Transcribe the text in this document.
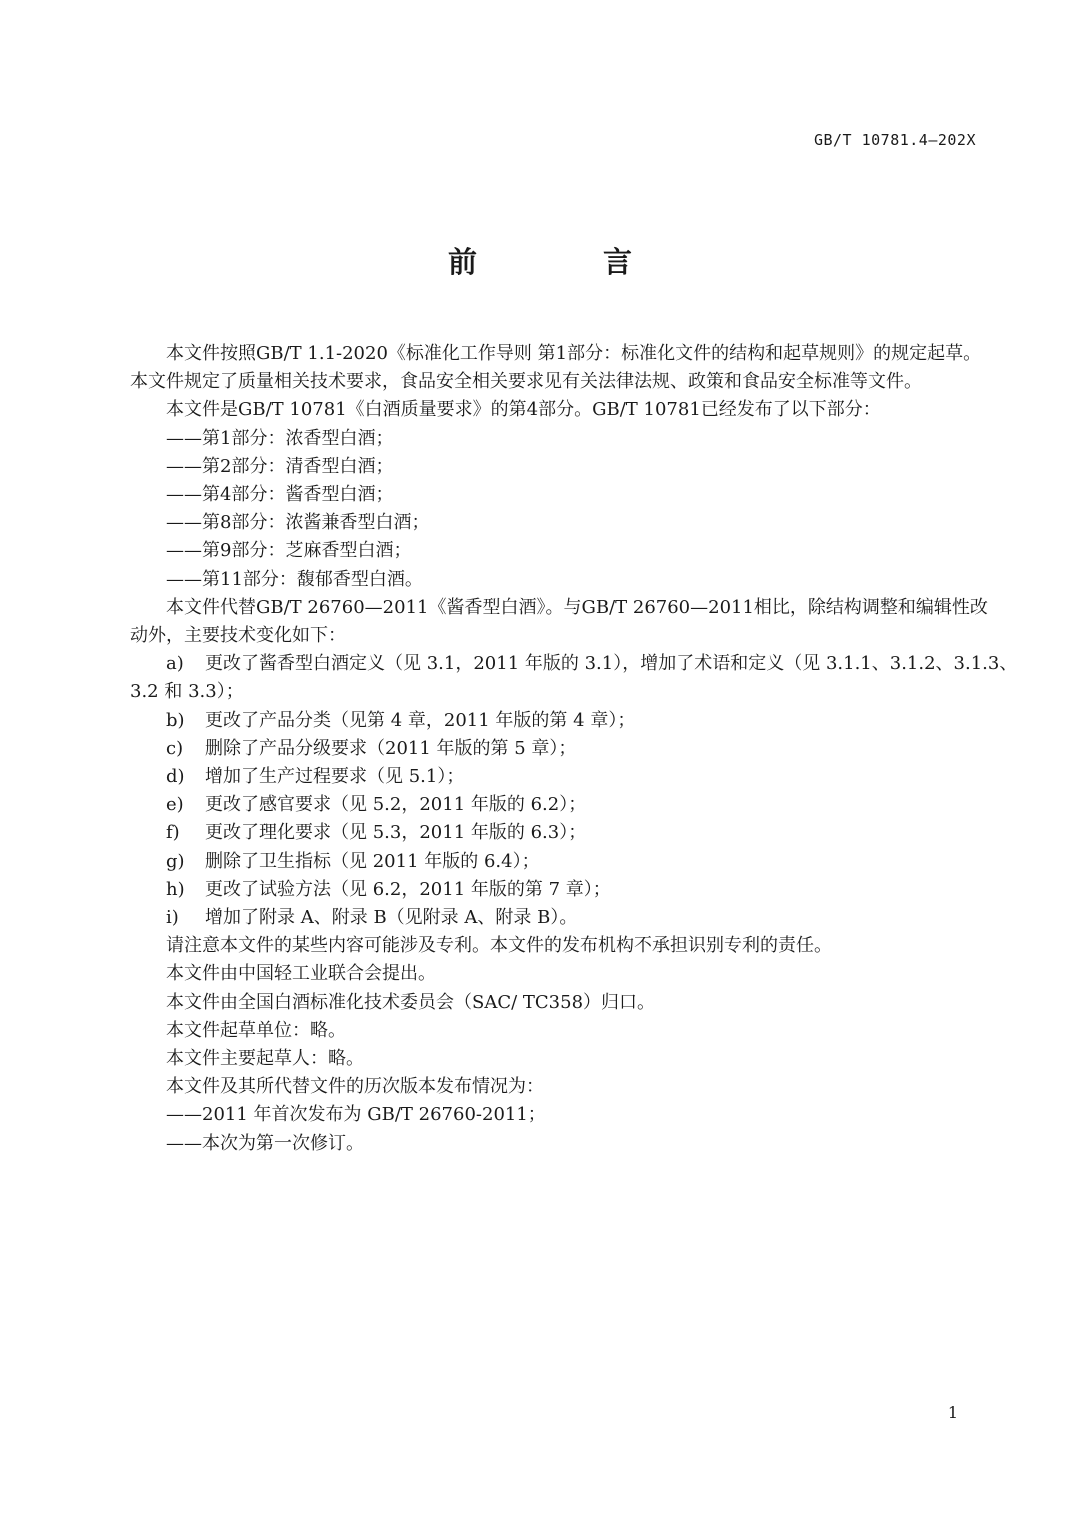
GB/T 10781.4—202X
前 言

本文件按照GB/T 1.1-2020《标准化工作导则 第1部分：标准化文件的结构和起草规则》的规定起草。

本文件规定了质量相关技术要求，食品安全相关要求见有关法律法规、政策和食品安全标准等文件。

本文件是GB/T 10781《白酒质量要求》的第4部分。GB/T 10781已经发布了以下部分：

——第1部分：浓香型白酒；

——第2部分：清香型白酒；

——第4部分：酱香型白酒；

——第8部分：浓酱兼香型白酒；

——第9部分：芝麻香型白酒；

——第11部分：馥郁香型白酒。

本文件代替GB/T 26760—2011《酱香型白酒》。与GB/T 26760—2011相比，除结构调整和编辑性改

动外，主要技术变化如下：

a) 更改了酱香型白酒定义（见 3.1，2011 年版的 3.1），增加了术语和定义（见 3.1.1、3.1.2、3.1.3、

3.2 和 3.3）；

b) 更改了产品分类（见第 4 章，2011 年版的第 4 章）；
c) 删除了产品分级要求（2011 年版的第 5 章）；
d) 增加了生产过程要求（见 5.1）；
e) 更改了感官要求（见 5.2，2011 年版的 6.2）；
f) 更改了理化要求（见 5.3，2011 年版的 6.3）；
g) 删除了卫生指标（见 2011 年版的 6.4）；
h) 更改了试验方法（见 6.2，2011 年版的第 7 章）；
i) 增加了附录 A、附录 B（见附录 A、附录 B）。

请注意本文件的某些内容可能涉及专利。本文件的发布机构不承担识别专利的责任。

本文件由中国轻工业联合会提出。

本文件由全国白酒标准化技术委员会（SAC/ TC358）归口。

本文件起草单位：略。

本文件主要起草人：略。

本文件及其所代替文件的历次版本发布情况为：

——2011 年首次发布为 GB/T 26760-2011；

——本次为第一次修订。

1
